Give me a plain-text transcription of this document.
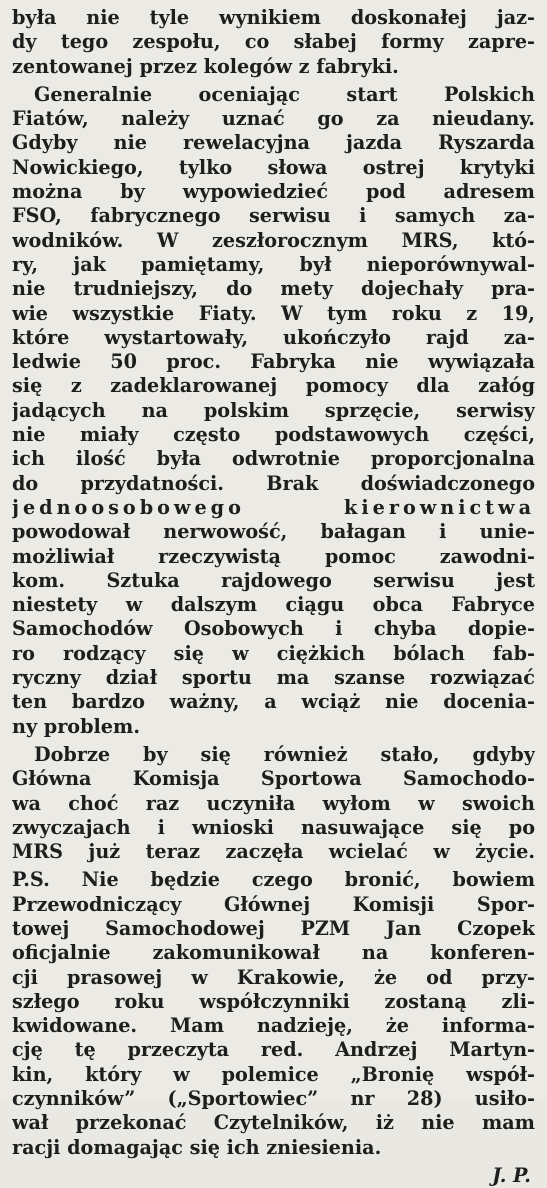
była nie tyle wynikiem doskonałej jaz-
dy tego zespołu, co słabej formy zapre-
zentowanej przez kolegów z fabryki.
Generalnie oceniając start Polskich
Fiatów, należy uznać go za nieudany.
Gdyby nie rewelacyjna jazda Ryszarda
Nowickiego, tylko słowa ostrej krytyki
można by wypowiedzieć pod adresem
FSO, fabrycznego serwisu i samych za-
wodników. W zeszłorocznym MRS, któ-
ry, jak pamiętamy, był nieporównywal-
nie trudniejszy, do mety dojechały pra-
wie wszystkie Fiaty. W tym roku z 19,
które wystartowały, ukończyło rajd za-
ledwie 50 proc. Fabryka nie wywiązała
się z zadeklarowanej pomocy dla załóg
jadących na polskim sprzęcie, serwisy
nie miały często podstawowych części,
ich ilość była odwrotnie proporcjonalna
do przydatności. Brak doświadczonego
jednoosobowego kierownictwa
powodował nerwowość, bałagan i unie-
możliwiał rzeczywistą pomoc zawodni-
kom. Sztuka rajdowego serwisu jest
niestety w dalszym ciągu obca Fabryce
Samochodów Osobowych i chyba dopie-
ro rodzący się w ciężkich bólach fab-
ryczny dział sportu ma szanse rozwiązać
ten bardzo ważny, a wciąż nie docenia-
ny problem.
Dobrze by się również stało, gdyby
Główna Komisja Sportowa Samochodo-
wa choć raz uczyniła wyłom w swoich
zwyczajach i wnioski nasuwające się po
MRS już teraz zaczęła wcielać w życie.
P.S. Nie będzie czego bronić, bowiem
Przewodniczący Głównej Komisji Spor-
towej Samochodowej PZM Jan Czopek
oficjalnie zakomunikował na konferen-
cji prasowej w Krakowie, że od przy-
szłego roku współczynniki zostaną zli-
kwidowane. Mam nadzieję, że informa-
cję tę przeczyta red. Andrzej Martyn-
kin, który w polemice „Bronię współ-
czynników” („Sportowiec” nr 28) usiło-
wał przekonać Czytelników, iż nie mam
racji domagając się ich zniesienia.
J. P.
